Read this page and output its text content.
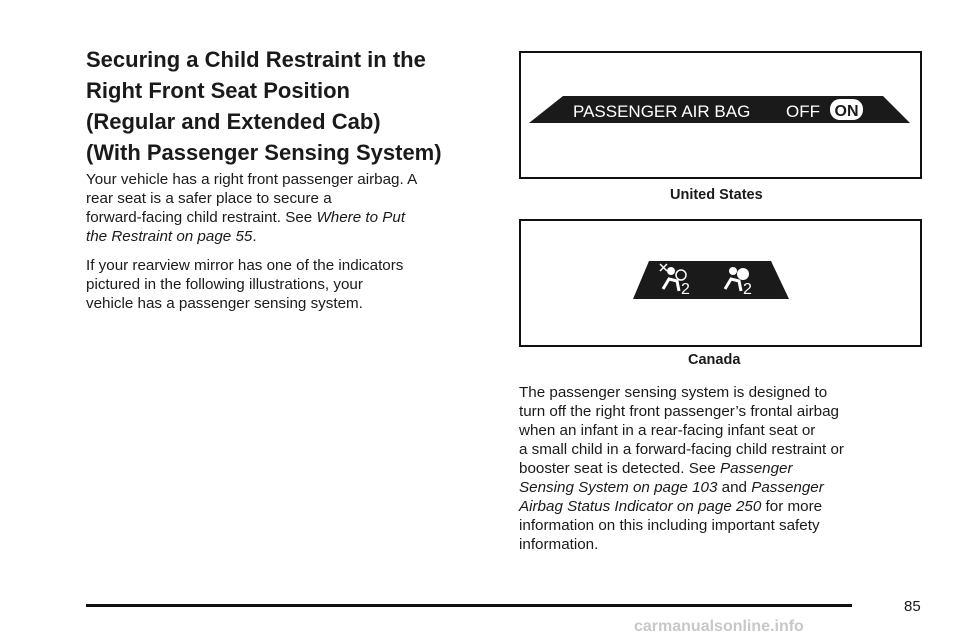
Securing a Child Restraint in the
Right Front Seat Position
(Regular and Extended Cab)
(With Passenger Sensing System)

Your vehicle has a right front passenger airbag. A
rear seat is a safer place to secure a
forward-facing child restraint. See Where to Put
the Restraint on page 55.

If your rearview mirror has one of the indicators
pictured in the following illustrations, your
vehicle has a passenger sensing system.

PASSENGER AIR BAG OFF ON
United States
2	2
Canada

The passenger sensing system is designed to
turn off the right front passenger’s frontal airbag
when an infant in a rear-facing infant seat or
a small child in a forward-facing child restraint or
booster seat is detected. See Passenger
Sensing System on page 103 and Passenger
Airbag Status Indicator on page 250 for more
information on this including important safety
information.

85
carmanualsonline.info
